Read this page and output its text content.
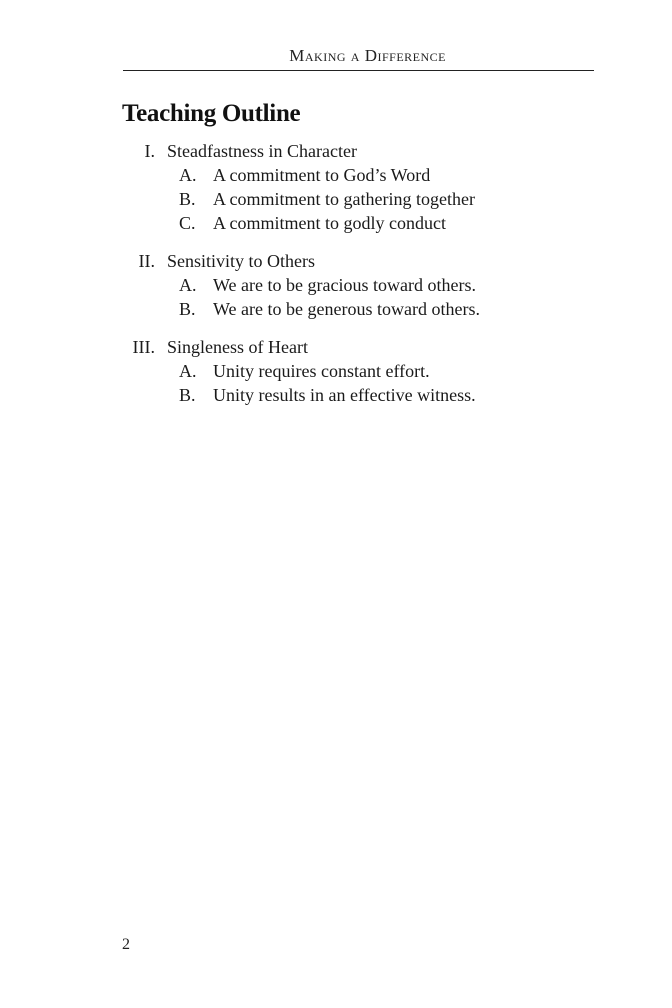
Making a Difference
Teaching Outline
I. Steadfastness in Character
A. A commitment to God’s Word
B. A commitment to gathering together
C. A commitment to godly conduct
II. Sensitivity to Others
A. We are to be gracious toward others.
B. We are to be generous toward others.
III. Singleness of Heart
A. Unity requires constant effort.
B. Unity results in an effective witness.
2
